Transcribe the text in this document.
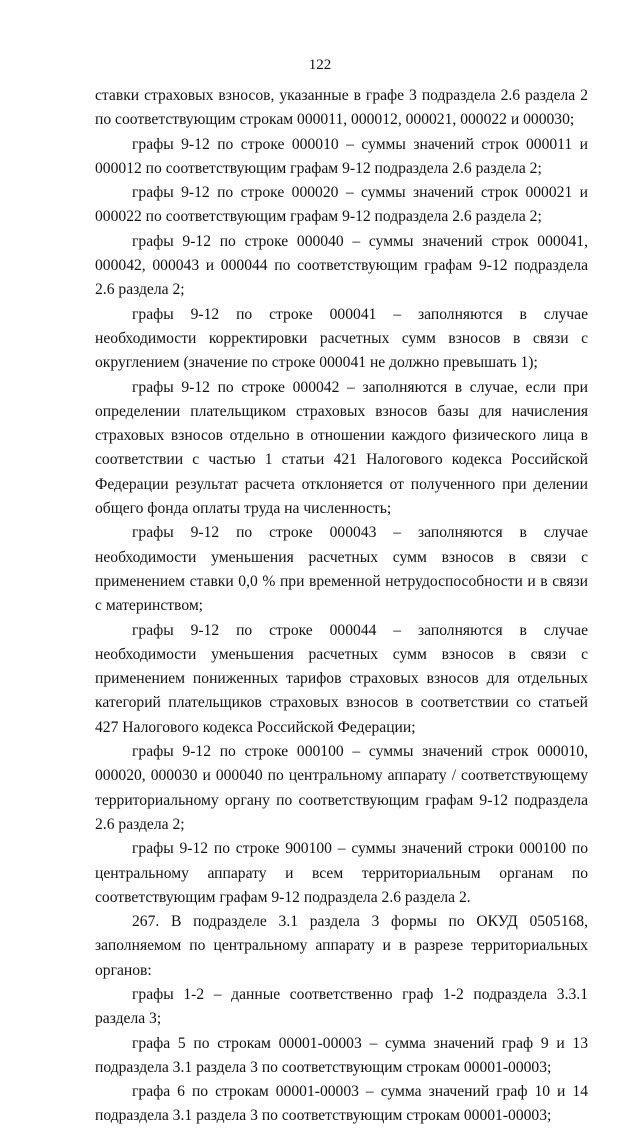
122

ставки страховых взносов, указанные в графе 3 подраздела 2.6 раздела 2 по соответствующим строкам 000011, 000012, 000021, 000022 и 000030;

графы 9-12 по строке 000010 – суммы значений строк 000011 и 000012 по соответствующим графам 9-12 подраздела 2.6 раздела 2;

графы 9-12 по строке 000020 – суммы значений строк 000021 и 000022 по соответствующим графам 9-12 подраздела 2.6 раздела 2;

графы 9-12 по строке 000040 – суммы значений строк 000041, 000042, 000043 и 000044 по соответствующим графам 9-12 подраздела 2.6 раздела 2;

графы 9-12 по строке 000041 – заполняются в случае необходимости корректировки расчетных сумм взносов в связи с округлением (значение по строке 000041 не должно превышать 1);

графы 9-12 по строке 000042 – заполняются в случае, если при определении плательщиком страховых взносов базы для начисления страховых взносов отдельно в отношении каждого физического лица в соответствии с частью 1 статьи 421 Налогового кодекса Российской Федерации результат расчета отклоняется от полученного при делении общего фонда оплаты труда на численность;

графы 9-12 по строке 000043 – заполняются в случае необходимости уменьшения расчетных сумм взносов в связи с применением ставки 0,0 % при временной нетрудоспособности и в связи с материнством;

графы 9-12 по строке 000044 – заполняются в случае необходимости уменьшения расчетных сумм взносов в связи с применением пониженных тарифов страховых взносов для отдельных категорий плательщиков страховых взносов в соответствии со статьей 427 Налогового кодекса Российской Федерации;

графы 9-12 по строке 000100 – суммы значений строк 000010, 000020, 000030 и 000040 по центральному аппарату / соответствующему территориальному органу по соответствующим графам 9-12 подраздела 2.6 раздела 2;

графы 9-12 по строке 900100 – суммы значений строки 000100 по центральному аппарату и всем территориальным органам по соответствующим графам 9-12 подраздела 2.6 раздела 2.

267. В подразделе 3.1 раздела 3 формы по ОКУД 0505168, заполняемом по центральному аппарату и в разрезе территориальных органов:

графы 1-2 – данные соответственно граф 1-2 подраздела 3.3.1 раздела 3;

графа 5 по строкам 00001-00003 – сумма значений граф 9 и 13 подраздела 3.1 раздела 3 по соответствующим строкам 00001-00003;

графа 6 по строкам 00001-00003 – сумма значений граф 10 и 14 подраздела 3.1 раздела 3 по соответствующим строкам 00001-00003;
